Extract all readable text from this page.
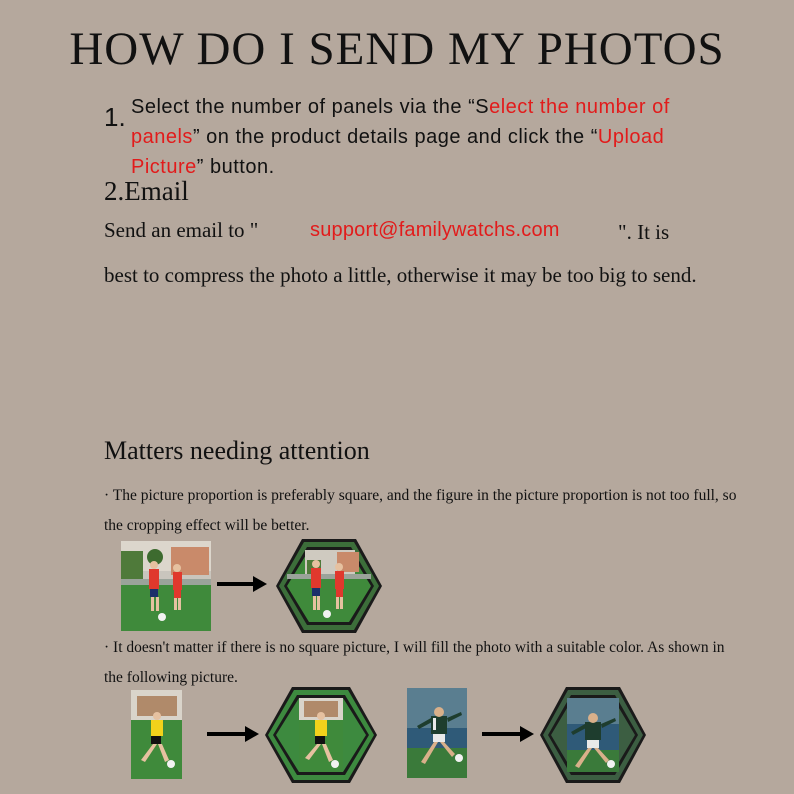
HOW DO I SEND MY PHOTOS
1. Select the number of panels via the “Select the number of panels” on the product details page and click the “Upload Picture” button.
2.Email
Send an email to "	support@familywatchs.com	". It is
best to compress the photo a little, otherwise it may be too big to send.
Matters needing attention
· The picture proportion is preferably square, and the figure in the picture proportion is not too full, so the cropping effect will be better.
· It doesn't matter if there is no square picture, I will fill the photo with a suitable color. As shown in the following picture.
